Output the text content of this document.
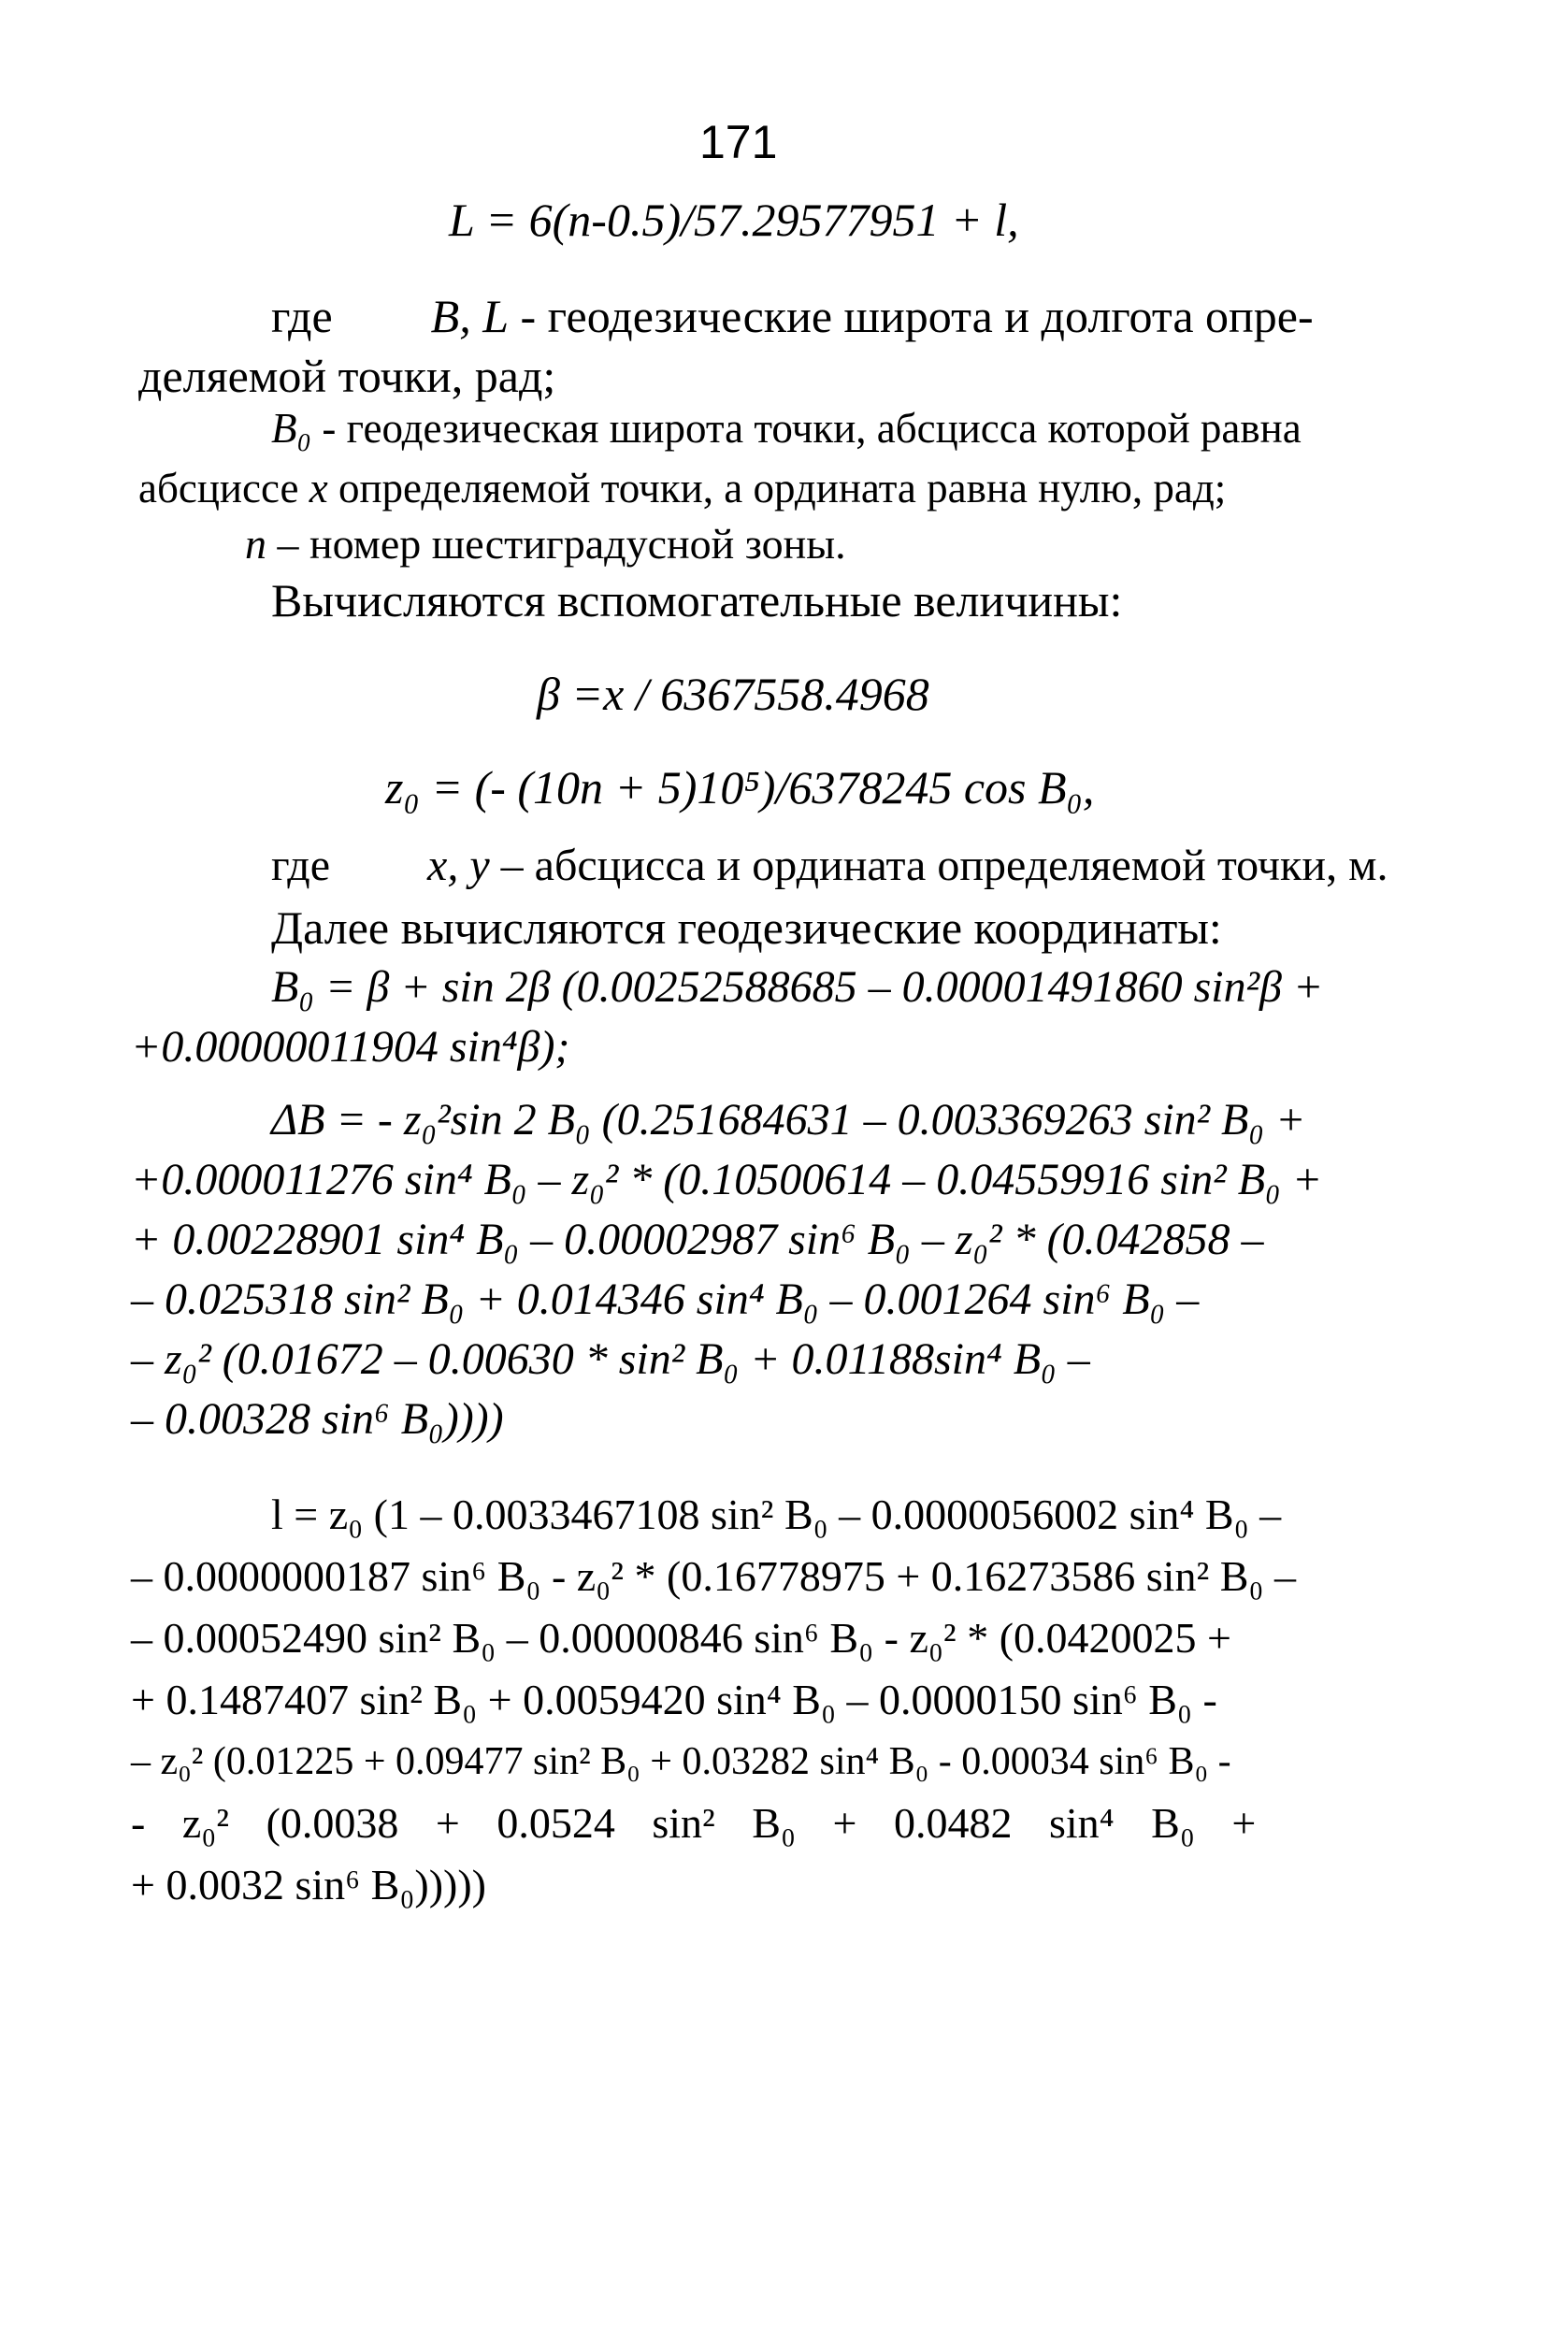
171
L = 6(n-0.5)/57.29577951 + l,
где B, L - геодезические широта и долгота опре-
деляемой точки, рад;
B₀ - геодезическая широта точки, абсцисса которой равна
абсциссе x определяемой точки, а ордината равна нулю, рад;
n – номер шестиградусной зоны.
Вычисляются вспомогательные величины:
β =x / 6367558.4968
z₀ = (- (10n + 5)10⁵)/6378245 cos B₀,
где x, y – абсцисса и ордината определяемой точки, м.
Далее вычисляются геодезические координаты:
B₀ = β + sin 2β (0.00252588685 – 0.00001491860 sin²β +
+0.00000011904 sin⁴β);
ΔB = - z₀²sin 2 B₀ (0.251684631 – 0.003369263 sin² B₀ +
+0.000011276 sin⁴ B₀ – z₀² * (0.10500614 – 0.04559916 sin² B₀ +
+ 0.00228901 sin⁴ B₀ – 0.00002987 sin⁶ B₀ – z₀² * (0.042858 –
– 0.025318 sin² B₀ + 0.014346 sin⁴ B₀ – 0.001264 sin⁶ B₀ –
– z₀² (0.01672 – 0.00630 * sin² B₀ + 0.01188sin⁴ B₀ –
– 0.00328 sin⁶ B₀))))
l = z₀ (1 – 0.0033467108 sin² B₀ – 0.0000056002 sin⁴ B₀ –
– 0.0000000187 sin⁶ B₀ - z₀² * (0.16778975 + 0.16273586 sin² B₀ –
– 0.00052490 sin² B₀ – 0.00000846 sin⁶ B₀ - z₀² * (0.0420025 +
+ 0.1487407 sin² B₀ + 0.0059420 sin⁴ B₀ – 0.0000150 sin⁶ B₀ -
– z₀² (0.01225 + 0.09477 sin² B₀ + 0.03282 sin⁴ B₀ - 0.00034 sin⁶ B₀ -
- z₀² (0.0038 + 0.0524 sin² B₀ + 0.0482 sin⁴ B₀ +
+ 0.0032 sin⁶ B₀)))))
